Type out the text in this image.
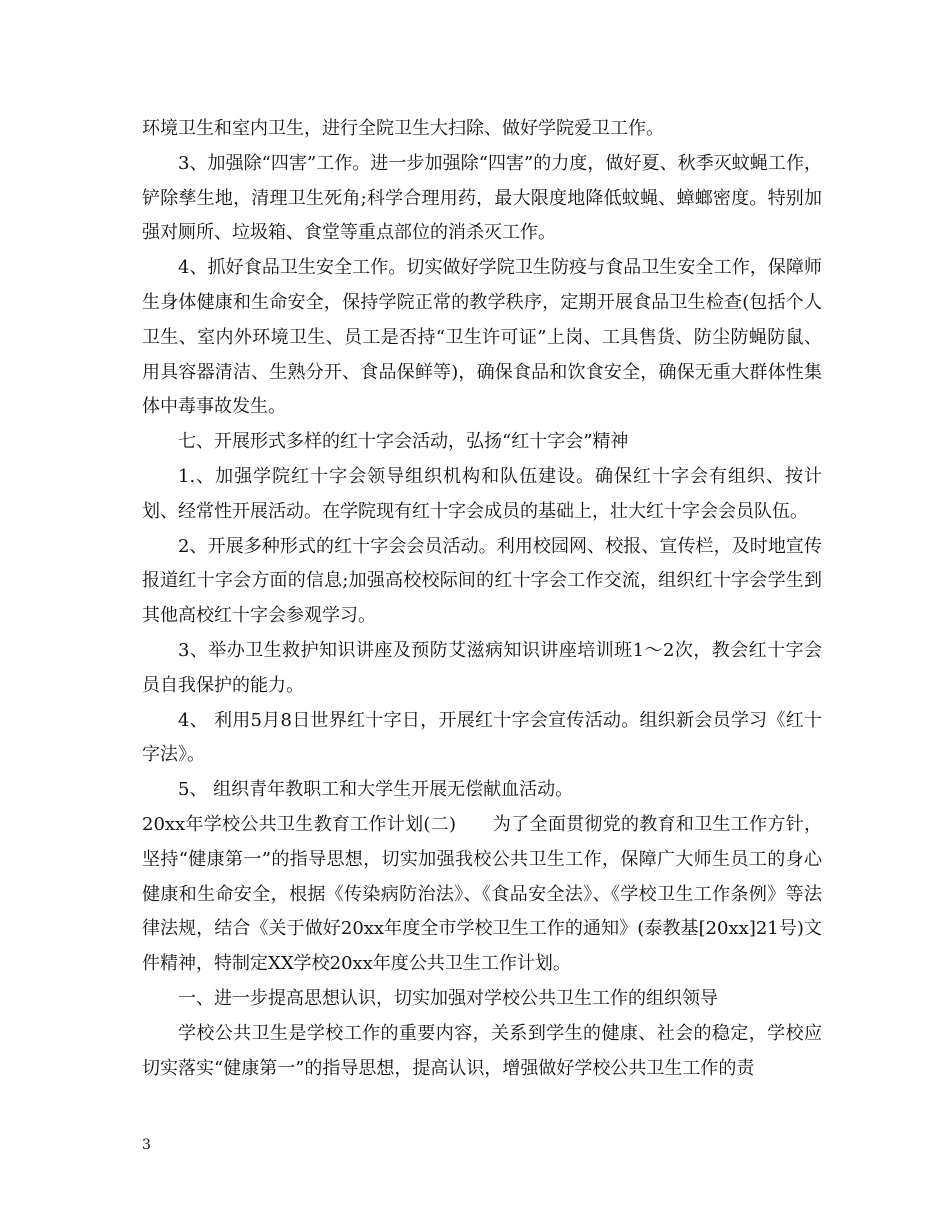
环境卫生和室内卫生，进行全院卫生大扫除、做好学院爱卫工作。

3、加强除“四害”工作。进一步加强除“四害”的力度，做好夏、秋季灭蚊蝇工作，铲除孳生地，清理卫生死角;科学合理用药，最大限度地降低蚊蝇、蟑螂密度。特别加强对厕所、垃圾箱、食堂等重点部位的消杀灭工作。

4、抓好食品卫生安全工作。切实做好学院卫生防疫与食品卫生安全工作，保障师生身体健康和生命安全，保持学院正常的教学秩序，定期开展食品卫生检查(包括个人卫生、室内外环境卫生、员工是否持“卫生许可证”上岗、工具售货、防尘防蝇防鼠、用具容器清洁、生熟分开、食品保鲜等)，确保食品和饮食安全，确保无重大群体性集体中毒事故发生。

七、开展形式多样的红十字会活动，弘扬“红十字会”精神

1.、加强学院红十字会领导组织机构和队伍建设。确保红十字会有组织、按计划、经常性开展活动。在学院现有红十字会成员的基础上，壮大红十字会会员队伍。

2、开展多种形式的红十字会会员活动。利用校园网、校报、宣传栏，及时地宣传报道红十字会方面的信息;加强高校校际间的红十字会工作交流，组织红十字会学生到其他高校红十字会参观学习。

3、举办卫生救护知识讲座及预防艾滋病知识讲座培训班1～2次，教会红十字会员自我保护的能力。

4、 利用5月8日世界红十字日，开展红十字会宣传活动。组织新会员学习《红十字法》。

5、 组织青年教职工和大学生开展无偿献血活动。

20xx年学校公共卫生教育工作计划(二)　　为了全面贯彻党的教育和卫生工作方针，坚持“健康第一”的指导思想，切实加强我校公共卫生工作，保障广大师生员工的身心健康和生命安全，根据《传染病防治法》、《食品安全法》、《学校卫生工作条例》等法律法规，结合《关于做好20xx年度全市学校卫生工作的通知》(泰教基[20xx]21号)文件精神，特制定XX学校20xx年度公共卫生工作计划。

一、进一步提高思想认识，切实加强对学校公共卫生工作的组织领导

学校公共卫生是学校工作的重要内容，关系到学生的健康、社会的稳定，学校应切实落实“健康第一”的指导思想，提高认识，增强做好学校公共卫生工作的责

3
